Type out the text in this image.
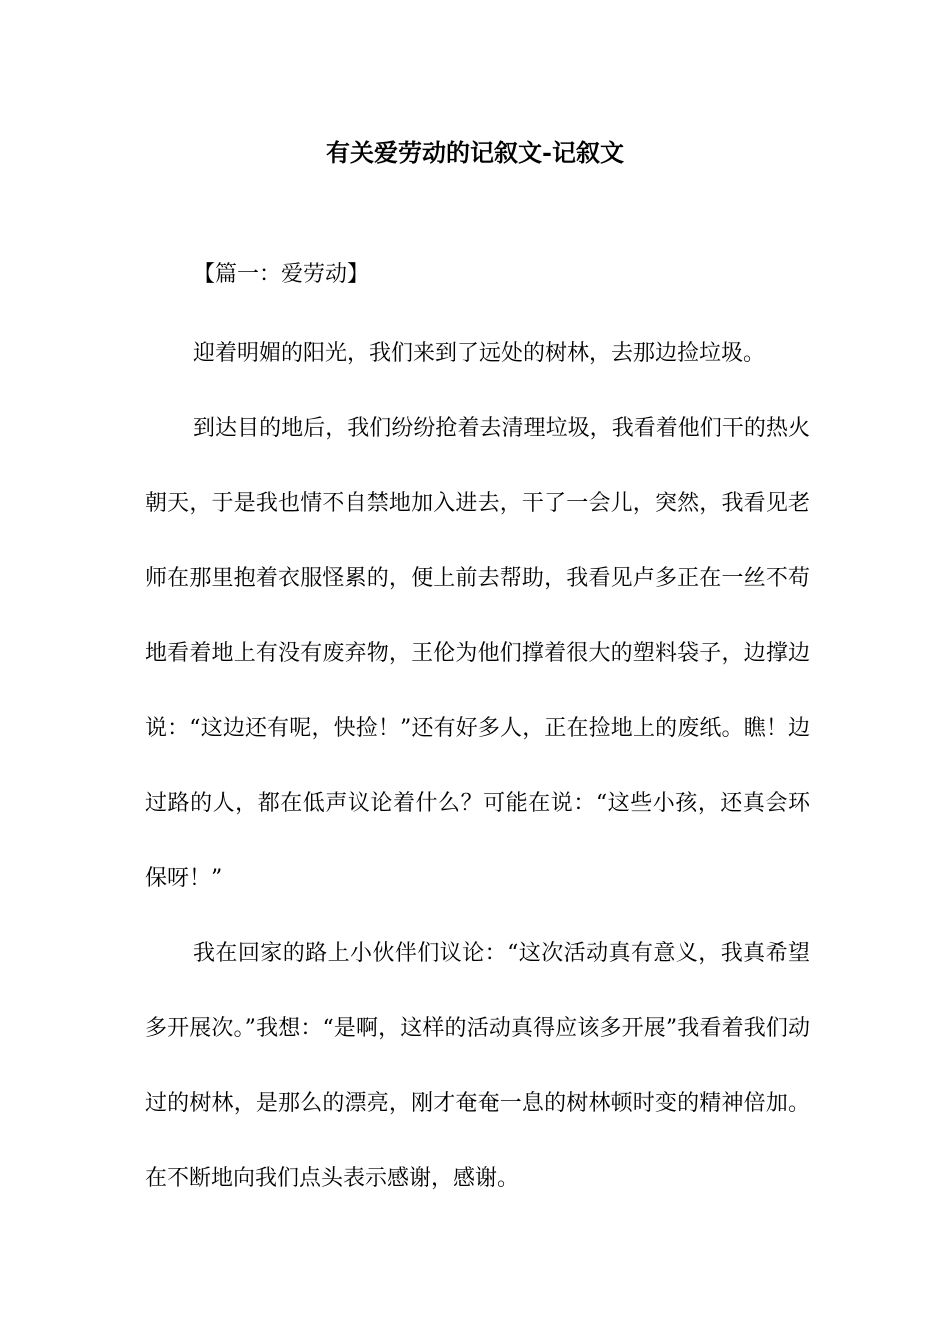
有关爱劳动的记叙文-记叙文

【篇一：爱劳动】

迎着明媚的阳光，我们来到了远处的树林，去那边捡垃圾。

到达目的地后，我们纷纷抢着去清理垃圾，我看着他们干的热火朝天，于是我也情不自禁地加入进去，干了一会儿，突然，我看见老师在那里抱着衣服怪累的，便上前去帮助，我看见卢多正在一丝不苟地看着地上有没有废弃物，王伦为他们撑着很大的塑料袋子，边撑边说：“这边还有呢，快捡！”还有好多人，正在捡地上的废纸。瞧！边过路的人，都在低声议论着什么？可能在说：“这些小孩，还真会环保呀！”

我在回家的路上小伙伴们议论：“这次活动真有意义，我真希望多开展次。”我想：“是啊，这样的活动真得应该多开展”我看着我们动过的树林，是那么的漂亮，刚才奄奄一息的树林顿时变的精神倍加。在不断地向我们点头表示感谢，感谢。
